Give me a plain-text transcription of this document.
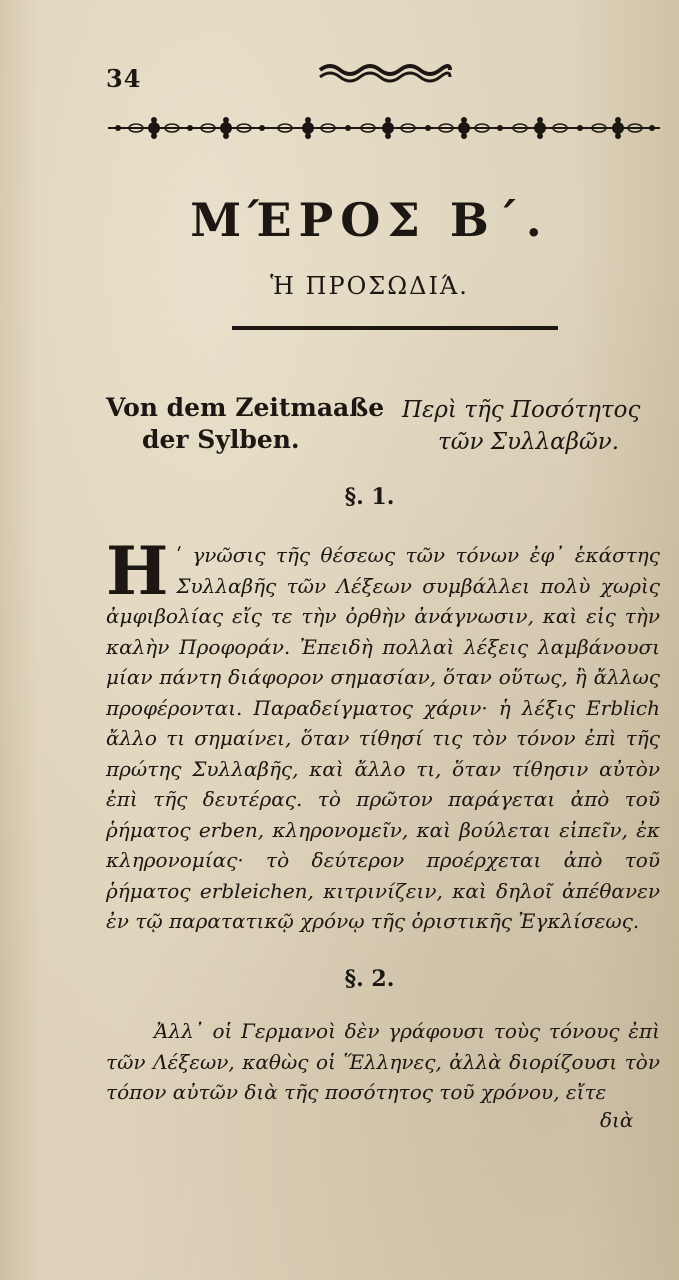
34
ΜΈΡΟΣ Β΄.
Ἡ ΠΡΟΣΩΔΙΆ.
Von dem Zeitmaaße
der Sylben.
Περὶ τῆς Ποσότητος
τῶν Συλλαβῶν.
§. 1.
Η ʹ γνῶσις τῆς θέσεως τῶν τόνων ἐφ᾽ ἑκάστης Συλλαβῆς τῶν Λέξεων συμβάλλει πολὺ χωρὶς ἀμφιβολίας εἴς τε τὴν ὀρθὴν ἀνάγνωσιν, καὶ εἰς τὴν καλὴν Προφοράν. Ἐπειδὴ πολλαὶ λέξεις λαμβάνουσι μίαν πάντη διάφορον σημασίαν, ὅταν οὕτως, ἢ ἄλλως προφέρονται. Παραδείγματος χάριν· ἡ λέξις Erblich ἄλλο τι σημαίνει, ὅταν τίθησί τις τὸν τόνον ἐπὶ τῆς πρώτης Συλλαβῆς, καὶ ἄλλο τι, ὅταν τίθησιν αὐτὸν ἐπὶ τῆς δευτέρας. τὸ πρῶτον παράγεται ἀπὸ τοῦ ῥήματος erben, κληρονομεῖν, καὶ βούλεται εἰπεῖν, ἐκ κληρονομίας· τὸ δεύτερον προέρχεται ἀπὸ τοῦ ῥήματος erbleichen, κιτρινίζειν, καὶ δηλοῖ ἀπέθανεν ἐν τῷ παρατατικῷ χρόνῳ τῆς ὁριστικῆς Ἐγκλίσεως.
§. 2.
Ἀλλ᾽ οἱ Γερμανοὶ δὲν γράφουσι τοὺς τόνους ἐπὶ τῶν Λέξεων, καθὼς οἱ Ἕλληνες, ἀλλὰ διορίζουσι τὸν τόπον αὐτῶν διὰ τῆς ποσότητος τοῦ χρόνου, εἴτε
διὰ
